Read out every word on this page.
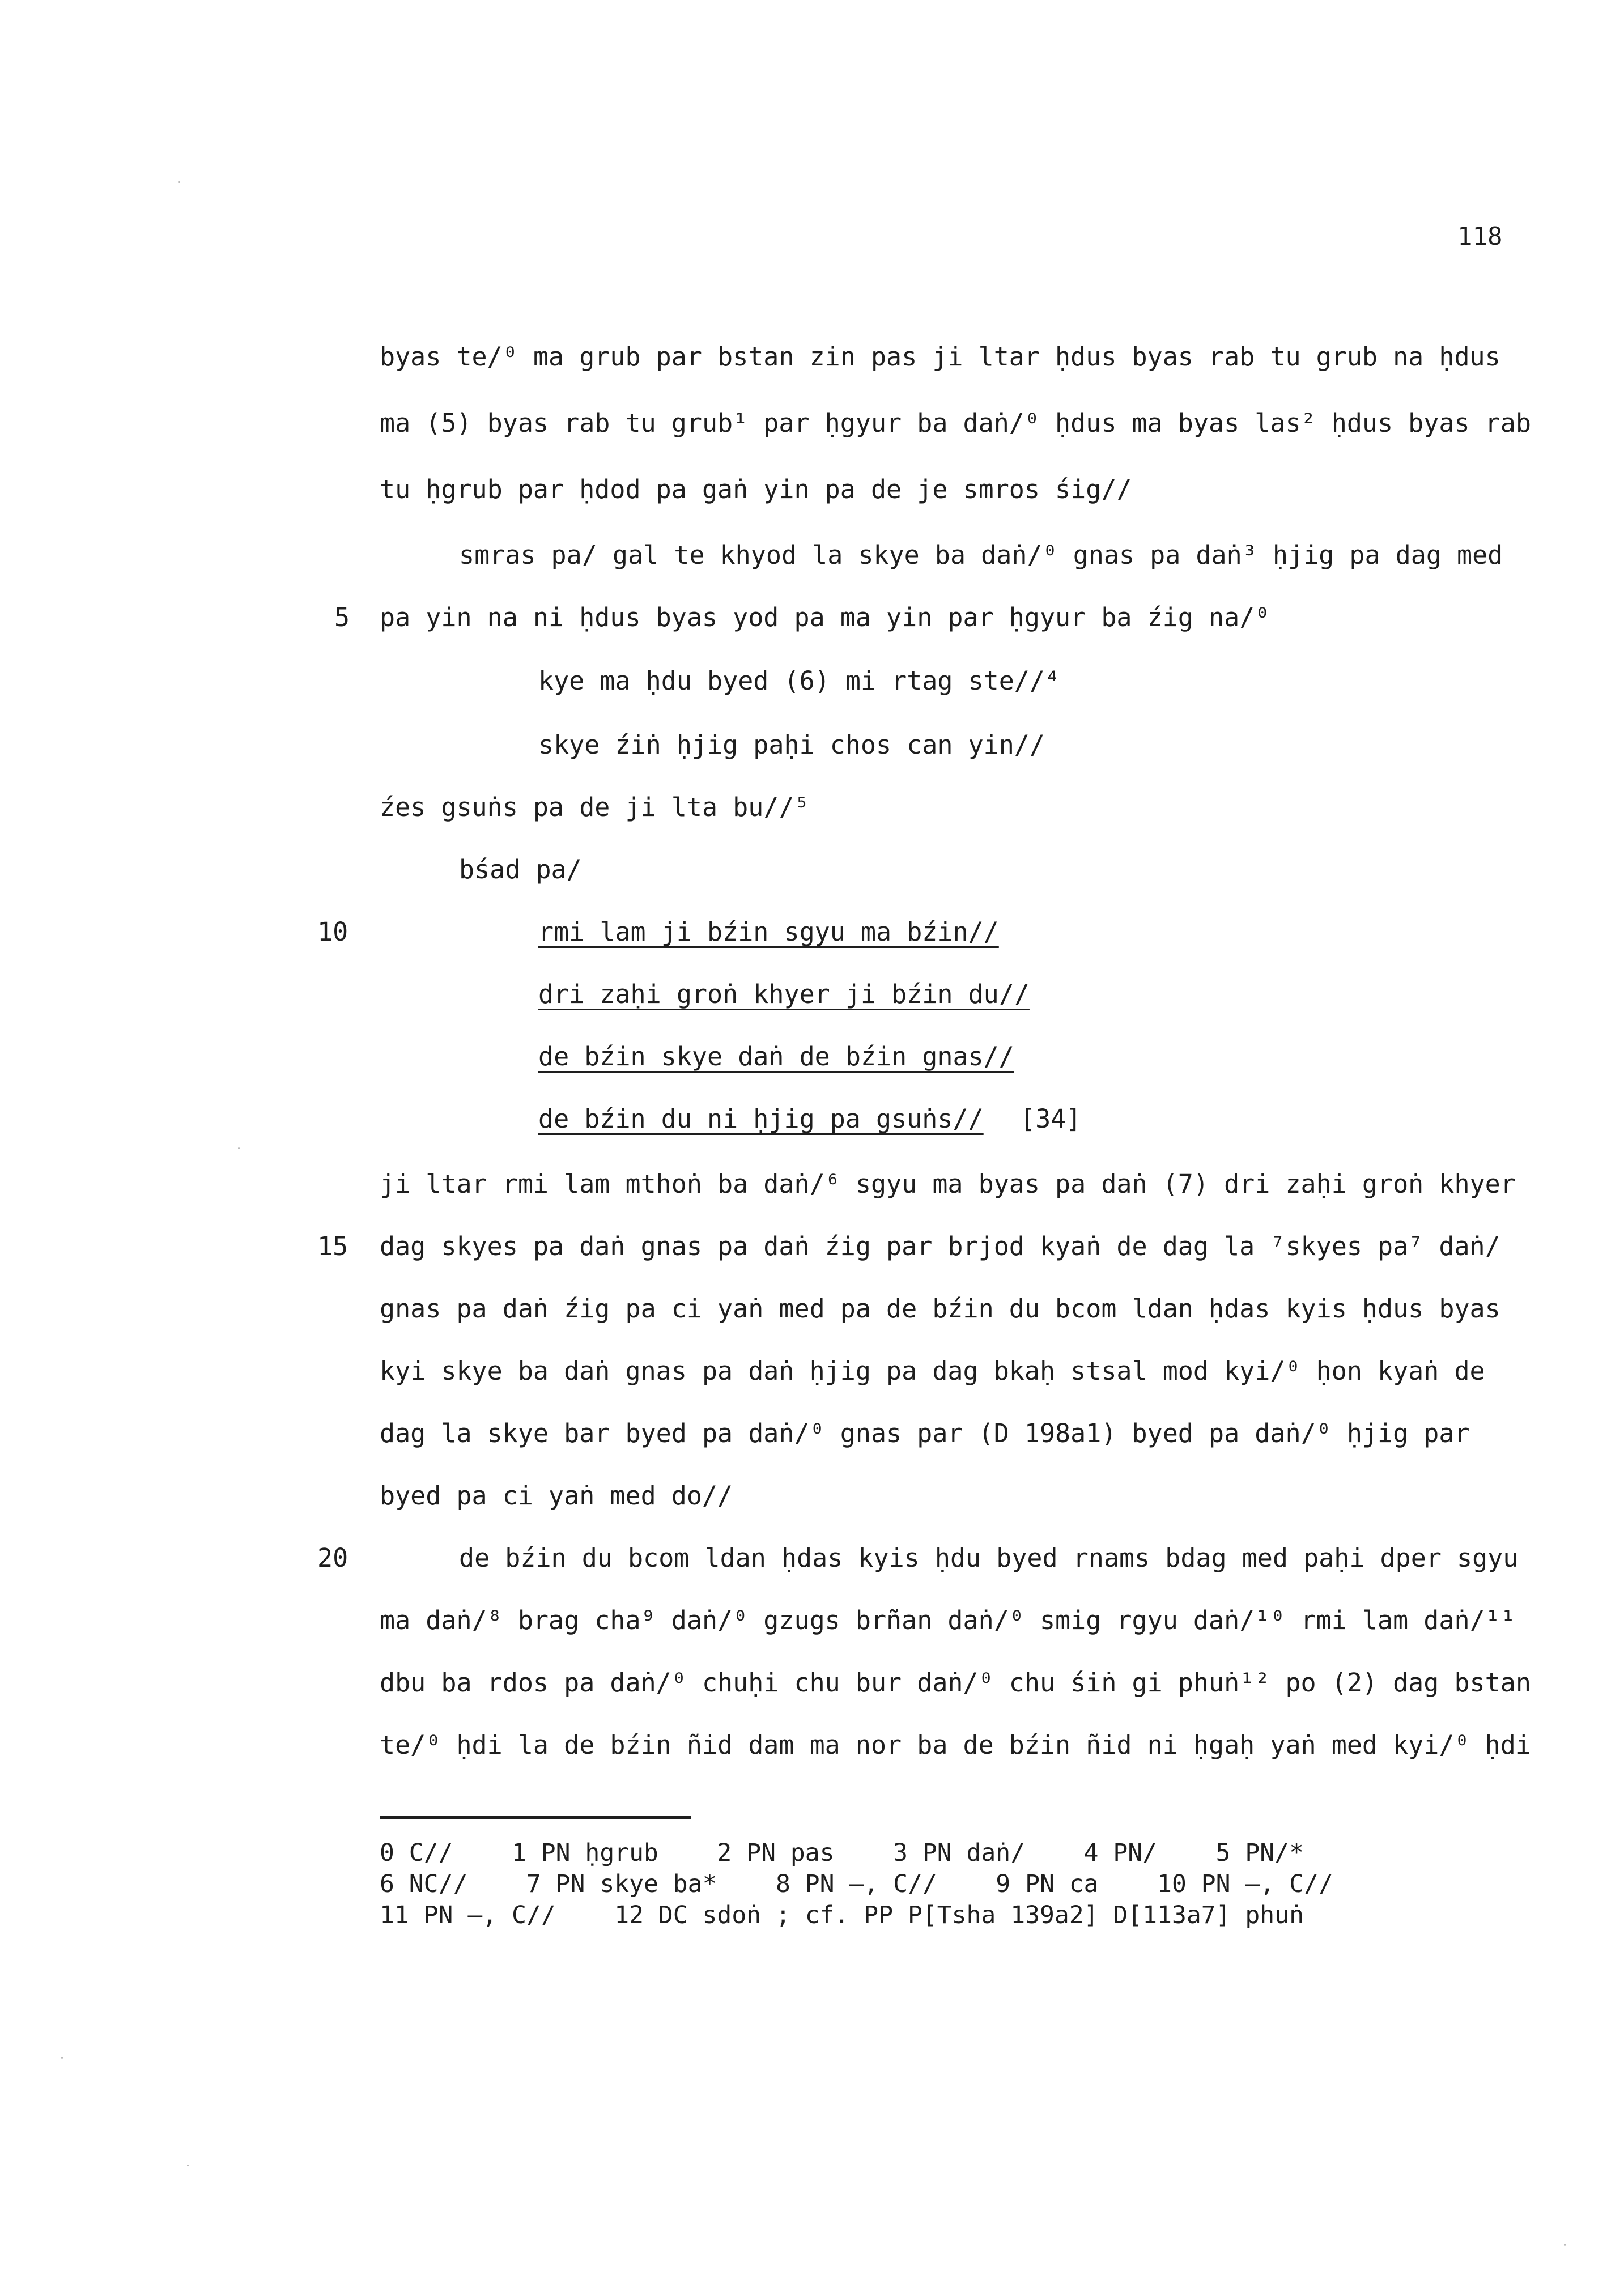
118
byas te/⁰ ma grub par bstan zin pas ji ltar ḥdus byas rab tu grub na ḥdus
ma (5) byas rab tu grub¹ par ḥgyur ba daṅ/⁰ ḥdus ma byas las² ḥdus byas rab
tu ḥgrub par ḥdod pa gaṅ yin pa de je smros śig//
smras pa/ gal te khyod la skye ba daṅ/⁰ gnas pa daṅ³ ḥjig pa dag med
5 pa yin na ni ḥdus byas yod pa ma yin par ḥgyur ba źig na/⁰
kye ma ḥdu byed (6) mi rtag ste//⁴
skye źiṅ ḥjig paḥi chos can yin//
źes gsuṅs pa de ji lta bu//⁵
bśad pa/
10	rmi lam ji bźin sgyu ma bźin//
dri zaḥi groṅ khyer ji bźin du//
de bźin skye daṅ de bźin gnas//
de bźin du ni ḥjig pa gsuṅs// [34]
ji ltar rmi lam mthoṅ ba daṅ/⁶ sgyu ma byas pa daṅ (7) dri zaḥi groṅ khyer
15 dag skyes pa daṅ gnas pa daṅ źig par brjod kyaṅ de dag la ⁷skyes pa⁷ daṅ/
gnas pa daṅ źig pa ci yaṅ med pa de bźin du bcom ldan ḥdas kyis ḥdus byas
kyi skye ba daṅ gnas pa daṅ ḥjig pa dag bkaḥ stsal mod kyi/⁰ ḥon kyaṅ de
dag la skye bar byed pa daṅ/⁰ gnas par (D 198a1) byed pa daṅ/⁰ ḥjig par
byed pa ci yaṅ med do//
20	de bźin du bcom ldan ḥdas kyis ḥdu byed rnams bdag med paḥi dper sgyu
ma daṅ/⁸ brag cha⁹ daṅ/⁰ gzugs brñan daṅ/⁰ smig rgyu daṅ/¹⁰ rmi lam daṅ/¹¹
dbu ba rdos pa daṅ/⁰ chuḥi chu bur daṅ/⁰ chu śiṅ gi phuṅ¹² po (2) dag bstan
te/⁰ ḥdi la de bźin ñid dam ma nor ba de bźin ñid ni ḥgaḥ yaṅ med kyi/⁰ ḥdi
0 C//    1 PN ḥgrub    2 PN pas    3 PN daṅ/    4 PN/    5 PN/*
6 NC//    7 PN skye ba*    8 PN —, C//    9 PN ca    10 PN —, C//
11 PN —, C//    12 DC sdoṅ ; cf. PP P[Tsha 139a2] D[113a7] phuṅ
